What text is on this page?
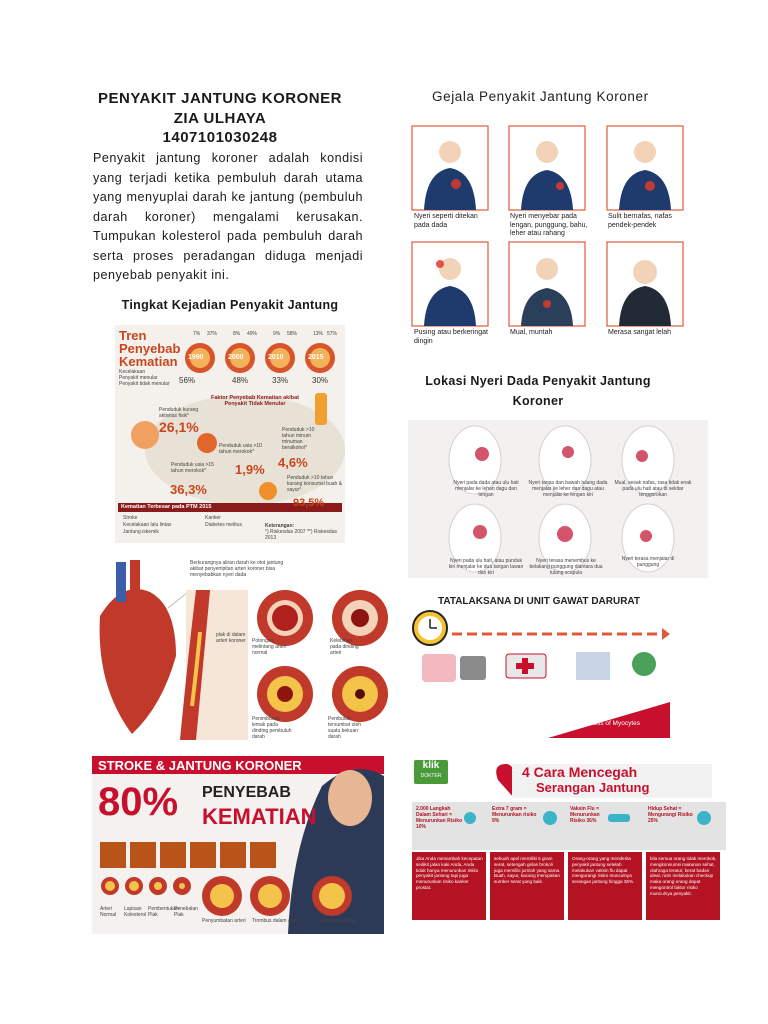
PENYAKIT JANTUNG KORONER
ZIA ULHAYA
1407101030248
Penyakit jantung koroner adalah kondisi yang terjadi ketika pembuluh darah utama yang menyuplai darah ke jantung (pembuluh darah koroner) mengalami kerusakan. Tumpukan kolesterol pada pembuluh darah serta proses peradangan diduga menjadi penyebab penyakit ini.
Tingkat Kejadian Penyakit Jantung
Tren
Penyebab
Kematian	1990	2000	2010	2015
7% 37%	8% 49%	9% 58%	13% 57%
56%	48%	33%	30%
Kecelakaan
Penyakit menular
Penyakit tidak menular
Faktor Penyebab Kematian akibat Penyakit Tidak Menular
Penduduk kurang aktivitas fisik*
26,1%
Penduduk usia >10 tahun merokok*
1,9%
Penduduk >10 tahun minum minuman beralkohol*
4,6%
Penduduk usia >15 tahun merokok*
36,3%
Penduduk >10 tahun kurang konsumsi buah & sayur*
93,5%
Kematian Terbesar pada PTM 2015
Stroke
Kecelakaan lalu lintas
Jantung iskemik
Kanker
Diabetes melitus	Keterangan:
*) Riskesdas 2007 **) Riskesdas 2013
Gejala Penyakit Jantung Koroner
Nyeri seperti ditekan pada dada
Nyeri menyebar pada lengan, punggung, bahu, leher atau rahang
Sulit bernafas, nafas pendek-pendek
Pusing atau berkeringat dingin
Mual, muntah	Merasa sangat lelah
Lokasi Nyeri Dada Penyakit Jantung Koroner
Nyeri pada dada atau ulu hati menjalar ke lehan dagu dan lengan
Nyeri tanpa dan bawah tulang dada menjalar ke leher dan dagu atau menjalar ke lengan kiri
Mual, sesak nafas, rasa tidak enak pada ulu hati atau di sekitar tenggorokan
Nyeri pada ulu hati, atau punduk kiri menjalar ke dua tangan lawan dan kiri
Nyeri terasa menembus ke belakang punggung diantara dua tulang scapula
Nyeri terasa menjalar di punggung
Berkurangnya aliran darah ke otot jantung akibat penyempitan arteri koroner bisa menyebabkan nyeri dada
plak di dalam arteri koroner Potongan melintang arteri normal
Kelebihan pada dinding arteri
Penimbunan lemak pada dinding pembuluh darah
Pembuluh tersumbat oleh suatu bekuan darah
TATALAKSANA DI UNIT GAWAT DARURAT
Increasing Loss of Myocytes
STROKE & JANTUNG KORONER
80% PENYEBAB
KEMATIAN
Arteri Normal
Lapisan Kolesterol
Pembentukan Plak
Penebalan Plak
Penyumbatan arteri Trombus dalam arteri	Arteri tersumbat
klik
DOKTER	4 Cara Mencegah
Serangan Jantung
2.000 Langkah Dalam Sehari = Menurunkan Risiko 10%
Extra 7 gram = Menurunkan risiko 9%
Vaksin Flu = Menurunkan Risiko 36%
Hidup Sehat = Mengurangi Risiko 25%
Jika Anda menambah kecepatan sedikit jalan kaki Anda, Anda tidak hanya menurunkan risiko penyakit jantung tapi juga menurunkan risiko kanker prostat.
sebuah apel memiliki 5 gram serat, setengah gelas brokoli juga memiliki jumlah yang sama. Buah, sayur, kacang merupakan sumber serat yang baik.
Orang-orang yang menderita penyakit jantung setelah melakukan vaksin flu dapat mengurangi risiko munculnya serangan jantung hingga 36%.
bila semua orang tidak merokok, mengkonsumsi makanan sehat, olahraga teratur, berat badan ideal, rutin melakukan checkup maka orang-orang dapat mengontrol faktor risiko munculnya penyakit.
